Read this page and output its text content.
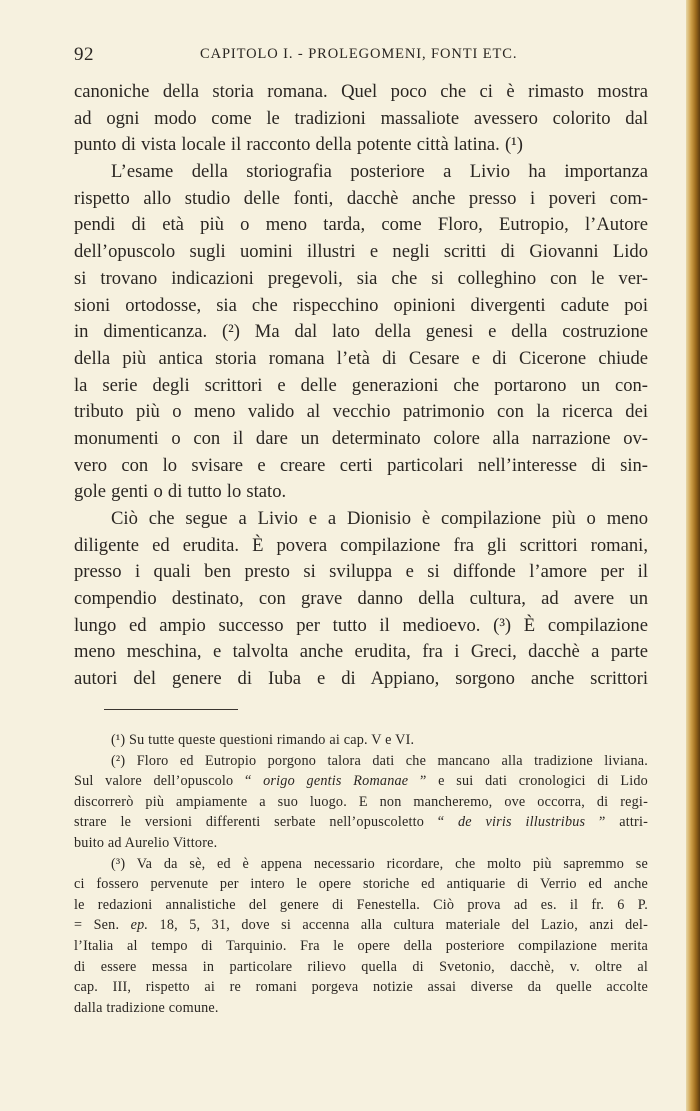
92	CAPITOLO I. - PROLEGOMENI, FONTI ETC.
canoniche della storia romana. Quel poco che ci è rimasto mostra
ad ogni modo come le tradizioni massaliote avessero colorito dal
punto di vista locale il racconto della potente città latina. (¹)
L’esame della storiografia posteriore a Livio ha importanza
rispetto allo studio delle fonti, dacchè anche presso i poveri com-
pendi di età più o meno tarda, come Floro, Eutropio, l’Autore
dell’opuscolo sugli uomini illustri e negli scritti di Giovanni Lido
si trovano indicazioni pregevoli, sia che si colleghino con le ver-
sioni ortodosse, sia che rispecchino opinioni divergenti cadute poi
in dimenticanza. (²) Ma dal lato della genesi e della costruzione
della più antica storia romana l’età di Cesare e di Cicerone chiude
la serie degli scrittori e delle generazioni che portarono un con-
tributo più o meno valido al vecchio patrimonio con la ricerca dei
monumenti o con il dare un determinato colore alla narrazione ov-
vero con lo svisare e creare certi particolari nell’interesse di sin-
gole genti o di tutto lo stato.
Ciò che segue a Livio e a Dionisio è compilazione più o meno
diligente ed erudita. È povera compilazione fra gli scrittori romani,
presso i quali ben presto si sviluppa e si diffonde l’amore per il
compendio destinato, con grave danno della cultura, ad avere un
lungo ed ampio successo per tutto il medioevo. (³) È compilazione
meno meschina, e talvolta anche erudita, fra i Greci, dacchè a parte
autori del genere di Iuba e di Appiano, sorgono anche scrittori
(¹) Su tutte queste questioni rimando ai cap. V e VI.
(²) Floro ed Eutropio porgono talora dati che mancano alla tradizione liviana.
Sul valore dell’opuscolo “ origo gentis Romanae ” e sui dati cronologici di Lido
discorrerò più ampiamente a suo luogo. E non mancheremo, ove occorra, di regi-
strare le versioni differenti serbate nell’opuscoletto “ de viris illustribus ” attri-
buito ad Aurelio Vittore.
(³) Va da sè, ed è appena necessario ricordare, che molto più sapremmo se
ci fossero pervenute per intero le opere storiche ed antiquarie di Verrio ed anche
le redazioni annalistiche del genere di Fenestella. Ciò prova ad es. il fr. 6 P.
= Sen. ep. 18, 5, 31, dove si accenna alla cultura materiale del Lazio, anzi del-
l’Italia al tempo di Tarquinio. Fra le opere della posteriore compilazione merita
di essere messa in particolare rilievo quella di Svetonio, dacchè, v. oltre al
cap. III, rispetto ai re romani porgeva notizie assai diverse da quelle accolte
dalla tradizione comune.
